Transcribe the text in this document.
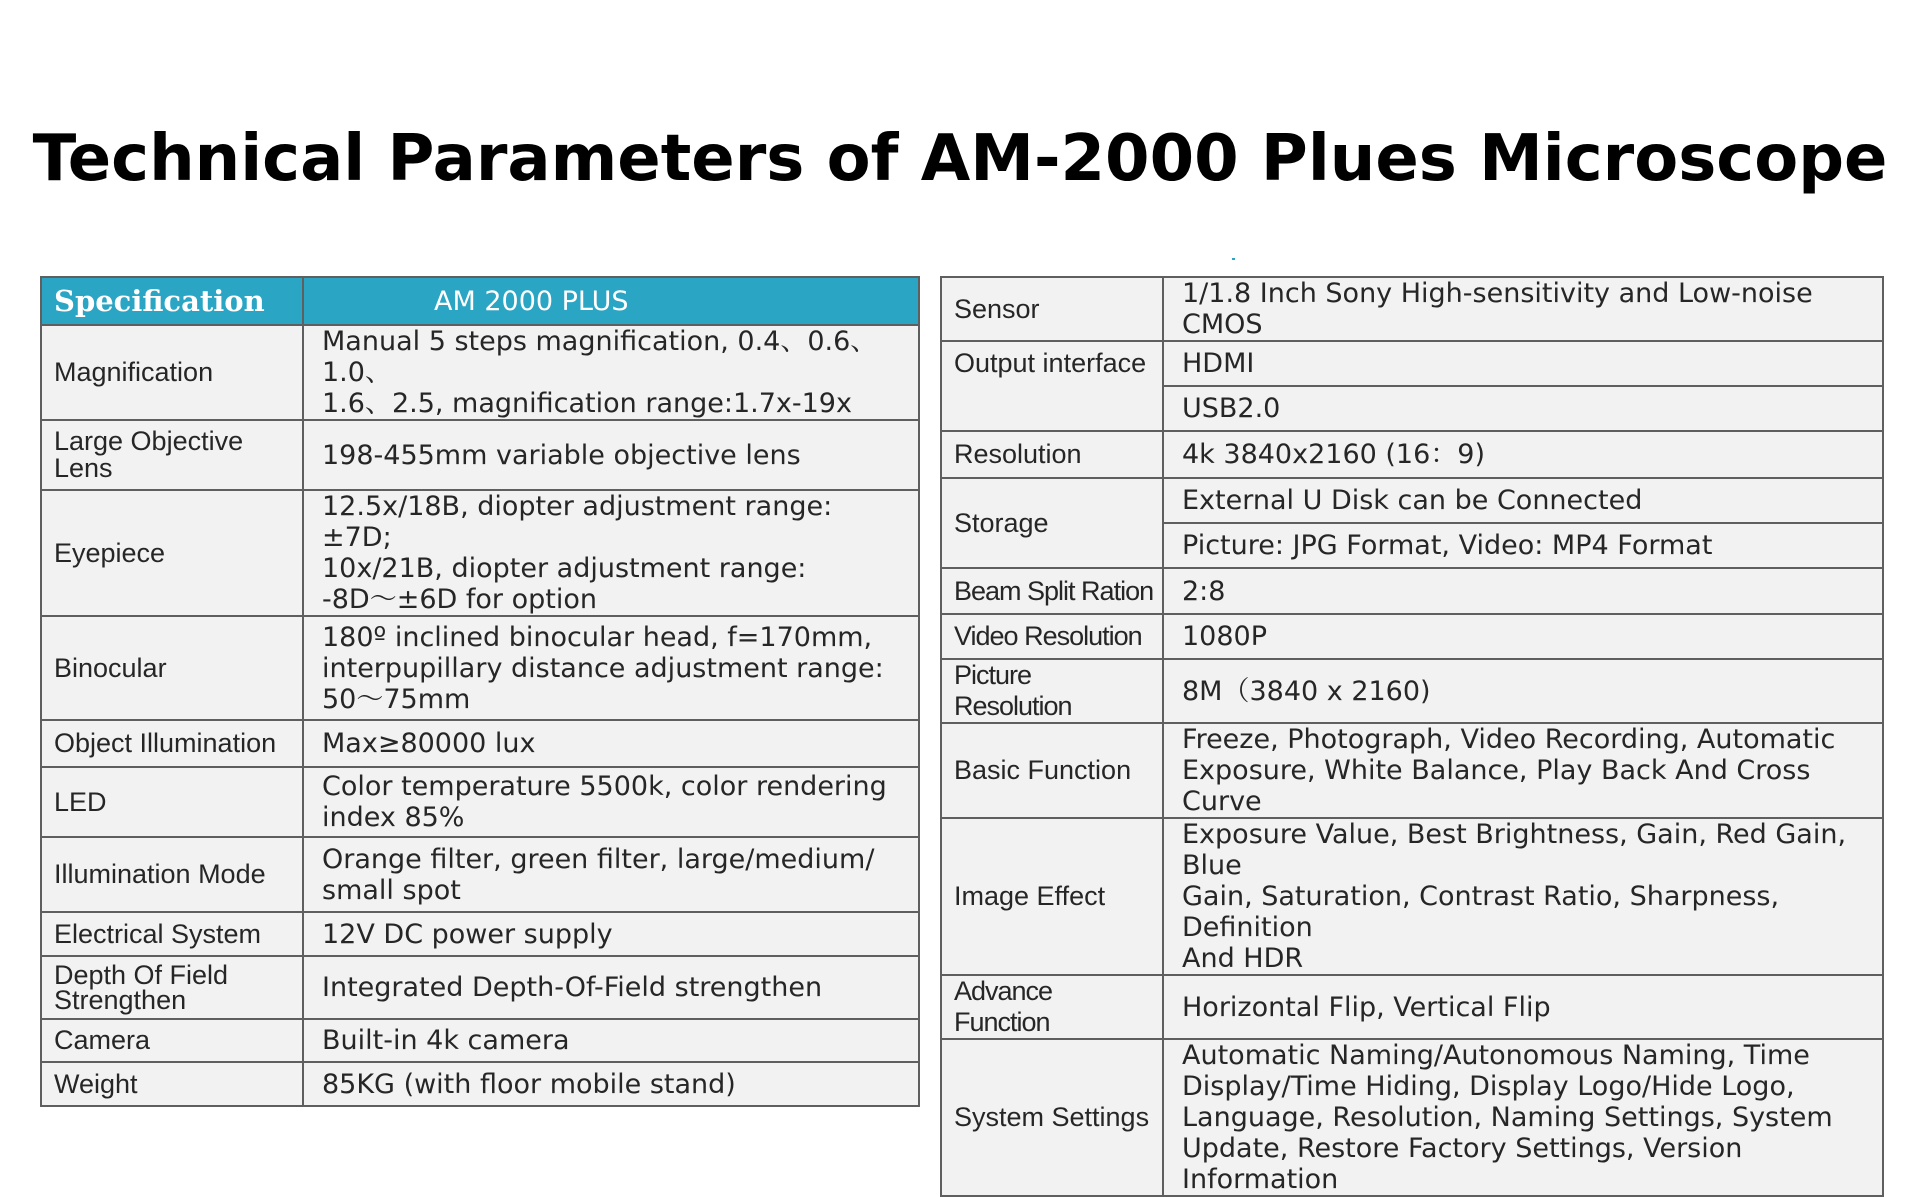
Technical Parameters of AM-2000 Plues Microscope
Specification	AM 2000 PLUS
Magnification	Manual 5 steps magnification, 0.4、0.6、1.0、
1.6、2.5, magnification range:1.7x-19x

Large Objective
Lens	198-455mm variable objective lens

Eyepiece	12.5x/18B, diopter adjustment range: ±7D;
10x/21B, diopter adjustment range:
-8D～±6D for option

Binocular	180º inclined binocular head, f=170mm,
interpupillary distance adjustment range:
50～75mm

Object Illumination	Max≥80000 lux

LED	Color temperature 5500k, color rendering
index 85%

Illumination Mode	Orange filter, green filter, large/medium/
small spot

Electrical System	12V DC power supply

Depth Of Field
Strengthen	Integrated Depth-Of-Field strengthen

Camera	Built-in 4k camera

Weight	85KG (with floor mobile stand)
Sensor	1/1.8 Inch Sony High-sensitivity and Low-noise CMOS

Output interface	HDMI

	USB2.0

Resolution	4k 3840x2160 (16：9)

Storage	External U Disk can be Connected

	Picture: JPG Format, Video: MP4 Format

Beam Split Ration	2:8

Video Resolution	1080P

Picture Resolution	8M（3840 x 2160)

Basic Function	Freeze, Photograph, Video Recording, Automatic
Exposure, White Balance, Play Back And Cross Curve

Image Effect	Exposure Value, Best Brightness, Gain, Red Gain, Blue
Gain, Saturation, Contrast Ratio, Sharpness, Definition
And HDR

Advance Function	Horizontal Flip, Vertical Flip

System Settings	Automatic Naming/Autonomous Naming, Time
Display/Time Hiding, Display Logo/Hide Logo,
Language, Resolution, Naming Settings, System
Update, Restore Factory Settings, Version Information
